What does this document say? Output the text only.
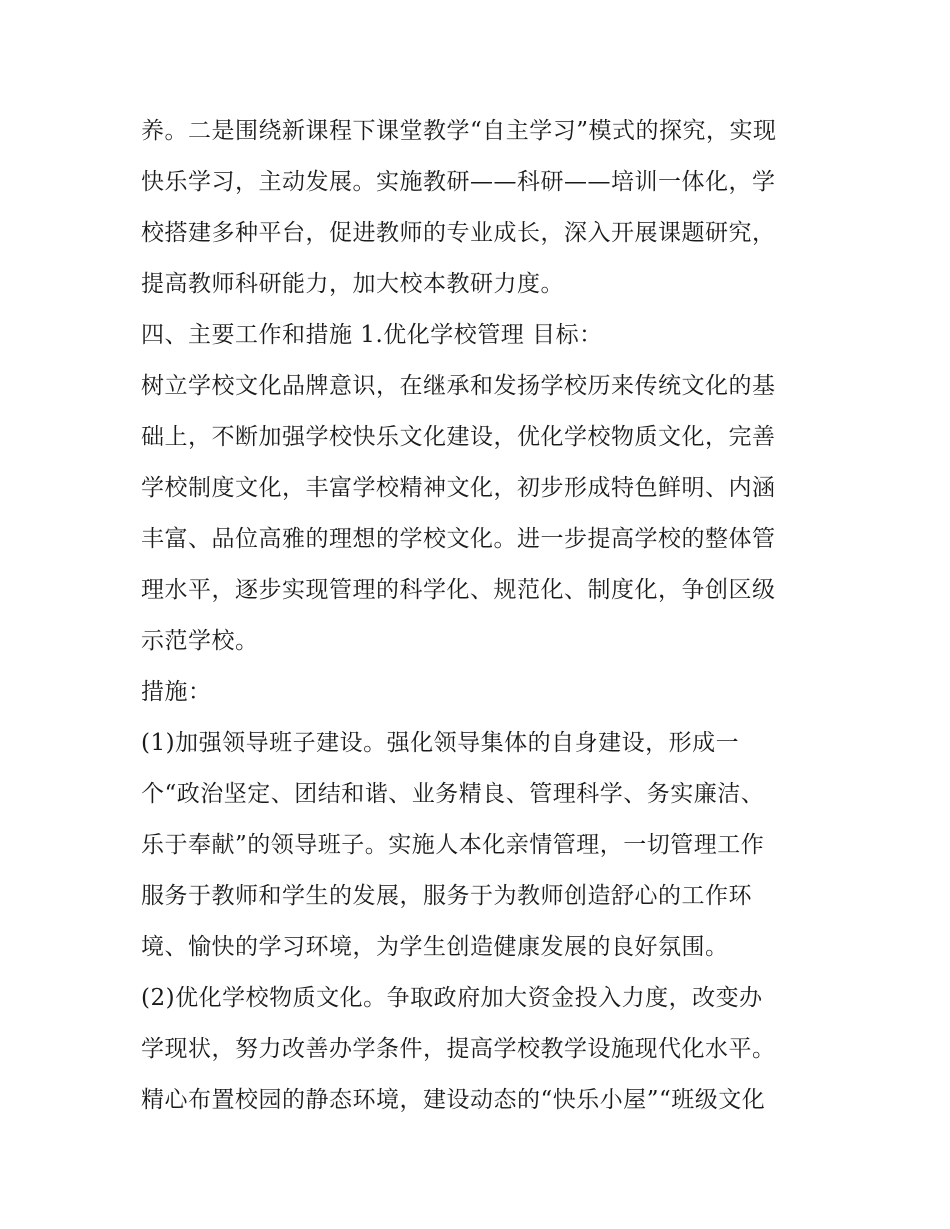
养。二是围绕新课程下课堂教学“自主学习”模式的探究，实现
快乐学习，主动发展。实施教研——科研——培训一体化，学
校搭建多种平台，促进教师的专业成长，深入开展课题研究，
提高教师科研能力，加大校本教研力度。
四、主要工作和措施 1.优化学校管理 目标：
树立学校文化品牌意识，在继承和发扬学校历来传统文化的基
础上，不断加强学校快乐文化建设，优化学校物质文化，完善
学校制度文化，丰富学校精神文化，初步形成特色鲜明、内涵
丰富、品位高雅的理想的学校文化。进一步提高学校的整体管
理水平，逐步实现管理的科学化、规范化、制度化，争创区级
示范学校。
措施：
(1)加强领导班子建设。强化领导集体的自身建设，形成一
个“政治坚定、团结和谐、业务精良、管理科学、务实廉洁、
乐于奉献”的领导班子。实施人本化亲情管理，一切管理工作
服务于教师和学生的发展，服务于为教师创造舒心的工作环
境、愉快的学习环境，为学生创造健康发展的良好氛围。
(2)优化学校物质文化。争取政府加大资金投入力度，改变办
学现状，努力改善办学条件，提高学校教学设施现代化水平。
精心布置校园的静态环境，建设动态的“快乐小屋”“班级文化
